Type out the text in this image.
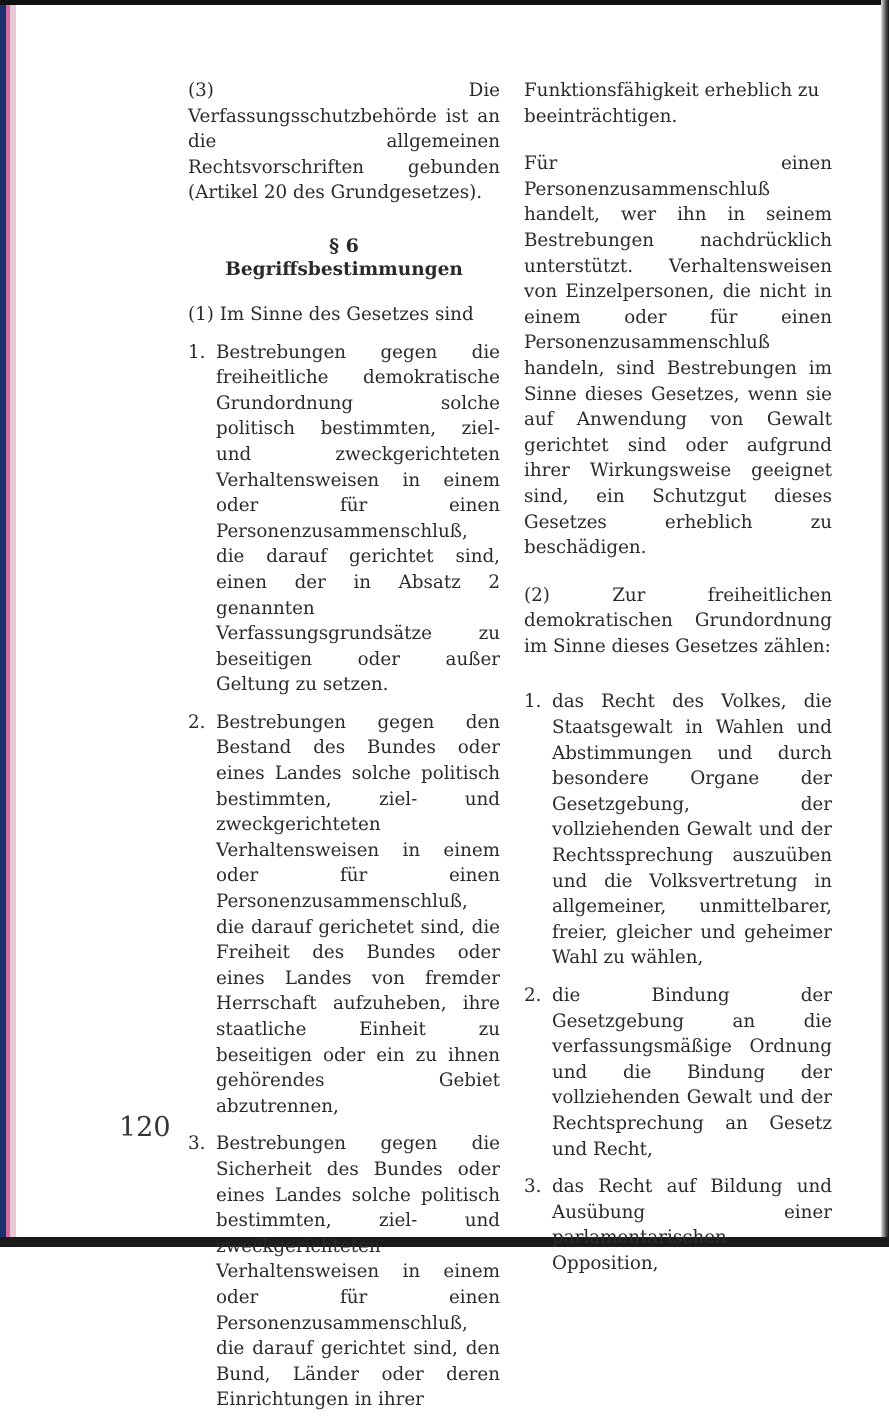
(3) Die Verfassungsschutzbehörde ist an die allgemeinen Rechtsvorschriften gebunden (Artikel 20 des Grundgesetzes).

§ 6
Begriffsbestimmungen

(1) Im Sinne des Gesetzes sind

1. Bestrebungen gegen die freiheitliche demokratische Grundordnung solche politisch bestimmten, ziel- und zweckgerichteten Verhaltensweisen in einem oder für einen Personenzusammenschluß, die darauf gerichtet sind, einen der in Absatz 2 genannten Verfassungsgrundsätze zu beseitigen oder außer Geltung zu setzen.
2. Bestrebungen gegen den Bestand des Bundes oder eines Landes solche politisch bestimmten, ziel- und zweckgerichteten Verhaltensweisen in einem oder für einen Personenzusammenschluß, die darauf gerichetet sind, die Freiheit des Bundes oder eines Landes von fremder Herrschaft aufzuheben, ihre staatliche Einheit zu beseitigen oder ein zu ihnen gehörendes Gebiet abzutrennen,
3. Bestrebungen gegen die Sicherheit des Bundes oder eines Landes solche politisch bestimmten, ziel- und zweckgerichteten Verhaltensweisen in einem oder für einen Personenzusammenschluß, die darauf gerichtet sind, den Bund, Länder oder deren Einrichtungen in ihrer

Funktionsfähigkeit erheblich zu beeinträchtigen.

Für einen Personenzusammenschluß handelt, wer ihn in seinem Bestrebungen nachdrücklich unterstützt. Verhaltensweisen von Einzelpersonen, die nicht in einem oder für einen Personenzusammenschluß handeln, sind Bestrebungen im Sinne dieses Gesetzes, wenn sie auf Anwendung von Gewalt gerichtet sind oder aufgrund ihrer Wirkungsweise geeignet sind, ein Schutzgut dieses Gesetzes erheblich zu beschädigen.

(2) Zur freiheitlichen demokratischen Grundordnung im Sinne dieses Gesetzes zählen:

1. das Recht des Volkes, die Staatsgewalt in Wahlen und Abstimmungen und durch besondere Organe der Gesetzgebung, der vollziehenden Gewalt und der Rechtssprechung auszuüben und die Volksvertretung in allgemeiner, unmittelbarer, freier, gleicher und geheimer Wahl zu wählen,
2. die Bindung der Gesetzgebung an die verfassungsmäßige Ordnung und die Bindung der vollziehenden Gewalt und der Rechtsprechung an Gesetz und Recht,
3. das Recht auf Bildung und Ausübung einer parlamentarischen Opposition,
120
